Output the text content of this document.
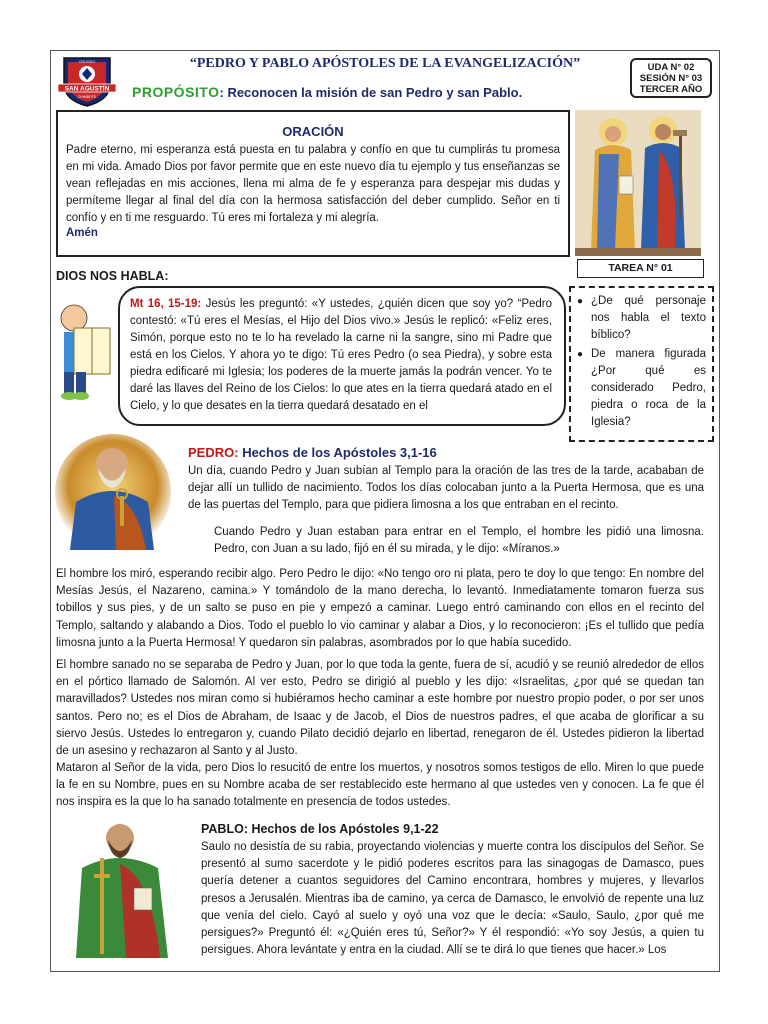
SAN AGUSTÍN
COLEGIO
CHIMBOTE
“PEDRO Y PABLO APÓSTOLES DE LA EVANGELIZACIÓN”	UDA N° 02
SESIÓN N° 03
TERCER AÑO
PROPÓSITO: Reconocen la misión de san Pedro y san Pablo.
ORACIÓN
Padre eterno, mi esperanza está puesta en tu palabra y confío en que tu cumplirás tu promesa en mi vida. Amado Dios por favor permite que en este nuevo día tu ejemplo y tus enseñanzas se vean reflejadas en mis acciones, llena mi alma de fe y esperanza para despejar mis dudas y permíteme llegar al final del día con la hermosa satisfacción del deber cumplido. Señor en ti confío y en ti me resguardo. Tú eres mi fortaleza y mi alegría.
Amén
DIOS NOS HABLA:
Mt 16, 15-19: Jesús les preguntó: «Y ustedes, ¿quién dicen que soy yo? “Pedro contestó: «Tú eres el Mesías, el Hijo del Dios vivo.» Jesús le replicó: «Feliz eres, Simón, porque esto no te lo ha revelado la carne ni la sangre, sino mi Padre que está en los Cielos. Y ahora yo te digo: Tú eres Pedro (o sea Piedra), y sobre esta piedra edificaré mi Iglesia; los poderes de la muerte jamás la podrán vencer. Yo te daré las llaves del Reino de los Cielos: lo que ates en la tierra quedará atado en el Cielo, y lo que desates en la tierra quedará desatado en el
TAREA N° 01
● ¿De qué personaje nos habla el texto bíblico?
● De manera figurada ¿Por qué es considerado Pedro, piedra o roca de la Iglesia?
PEDRO: Hechos de los Apóstoles 3,1-16
Un día, cuando Pedro y Juan subían al Templo para la oración de las tres de la tarde, acababan de dejar allí un tullido de nacimiento. Todos los días colocaban junto a la Puerta Hermosa, que es una de las puertas del Templo, para que pidiera limosna a los que entraban en el recinto.
Cuando Pedro y Juan estaban para entrar en el Templo, el hombre les pidió una limosna. Pedro, con Juan a su lado, fijó en él su mirada, y le dijo: «Míranos.»
El hombre los miró, esperando recibir algo. Pero Pedro le dijo: «No tengo oro ni plata, pero te doy lo que tengo: En nombre del Mesías Jesús, el Nazareno, camina.» Y tomándolo de la mano derecha, lo levantó. Inmediatamente tomaron fuerza sus tobillos y sus pies, y de un salto se puso en pie y empezó a caminar. Luego entró caminando con ellos en el recinto del Templo, saltando y alabando a Dios. Todo el pueblo lo vio caminar y alabar a Dios, y lo reconocieron: ¡Es el tullido que pedía limosna junto a la Puerta Hermosa! Y quedaron sin palabras, asombrados por lo que había sucedido.
El hombre sanado no se separaba de Pedro y Juan, por lo que toda la gente, fuera de sí, acudió y se reunió alrededor de ellos en el pórtico llamado de Salomón. Al ver esto, Pedro se dirigió al pueblo y les dijo: «Israelitas, ¿por qué se quedan tan maravillados? Ustedes nos miran como si hubiéramos hecho caminar a este hombre por nuestro propio poder, o por ser unos santos. Pero no; es el Dios de Abraham, de Isaac y de Jacob, el Dios de nuestros padres, el que acaba de glorificar a su siervo Jesús. Ustedes lo entregaron y, cuando Pilato decidió dejarlo en libertad, renegaron de él. Ustedes pidieron la libertad de un asesino y rechazaron al Santo y al Justo.
Mataron al Señor de la vida, pero Dios lo resucitó de entre los muertos, y nosotros somos testigos de ello. Miren lo que puede la fe en su Nombre, pues en su Nombre acaba de ser restablecido este hermano al que ustedes ven y conocen. La fe que él nos inspira es la que lo ha sanado totalmente en presencia de todos ustedes.
PABLO: Hechos de los Apóstoles 9,1-22
Saulo no desistía de su rabia, proyectando violencias y muerte contra los discípulos del Señor. Se presentó al sumo sacerdote y le pidió poderes escritos para las sinagogas de Damasco, pues quería detener a cuantos seguidores del Camino encontrara, hombres y mujeres, y llevarlos presos a Jerusalén. Mientras iba de camino, ya cerca de Damasco, le envolvió de repente una luz que venía del cielo. Cayó al suelo y oyó una voz que le decía: «Saulo, Saulo, ¿por qué me persigues?» Preguntó él: «¿Quién eres tú, Señor?» Y él respondió: «Yo soy Jesús, a quien tu persigues. Ahora levántate y entra en la ciudad. Allí se te dirá lo que tienes que hacer.» Los
